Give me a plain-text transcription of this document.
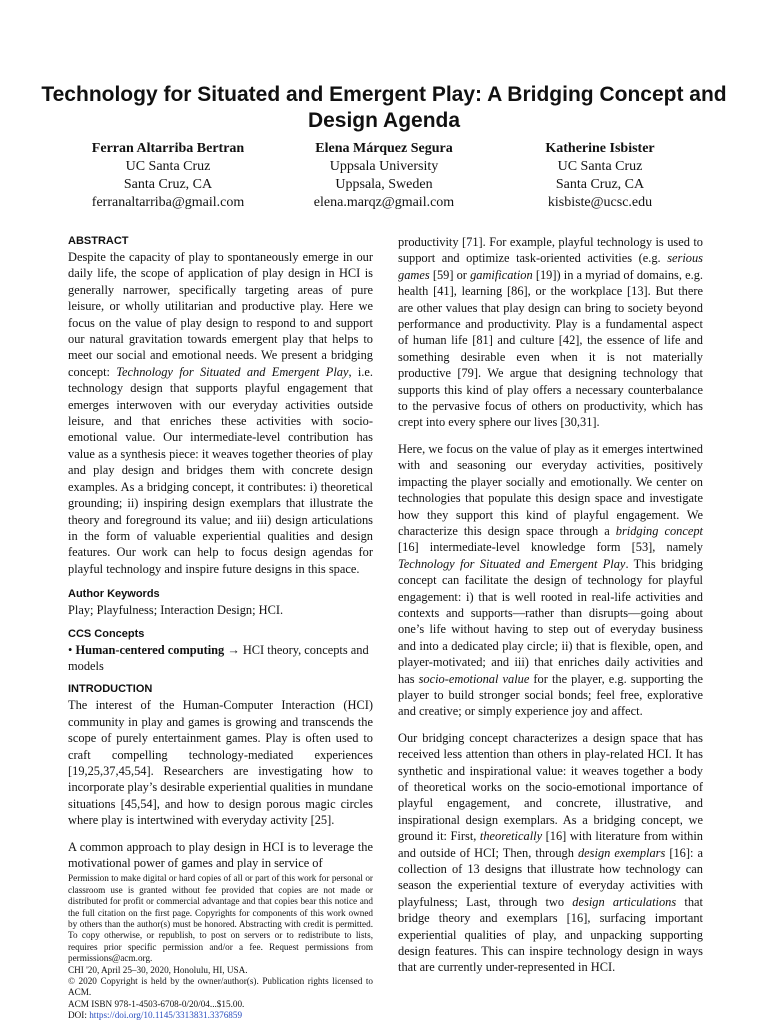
Technology for Situated and Emergent Play: A Bridging Concept and Design Agenda
Ferran Altarriba Bertran
UC Santa Cruz
Santa Cruz, CA
ferranaltarriba@gmail.com
Elena Márquez Segura
Uppsala University
Uppsala, Sweden
elena.marqz@gmail.com
Katherine Isbister
UC Santa Cruz
Santa Cruz, CA
kisbiste@ucsc.edu
ABSTRACT

Despite the capacity of play to spontaneously emerge in our daily life, the scope of application of play design in HCI is generally narrower, specifically targeting areas of pure leisure, or wholly utilitarian and productive play. Here we focus on the value of play design to respond to and support our natural gravitation towards emergent play that helps to meet our social and emotional needs. We present a bridging concept: Technology for Situated and Emergent Play, i.e. technology design that supports playful engagement that emerges interwoven with our everyday activities outside leisure, and that enriches these activities with socio-emotional value. Our intermediate-level contribution has value as a synthesis piece: it weaves together theories of play and play design and bridges them with concrete design examples. As a bridging concept, it contributes: i) theoretical grounding; ii) inspiring design exemplars that illustrate the theory and foreground its value; and iii) design articulations in the form of valuable experiential qualities and design features. Our work can help to focus design agendas for playful technology and inspire future designs in this space.

Author Keywords

Play; Playfulness; Interaction Design; HCI.

CCS Concepts

• Human-centered computing → HCI theory, concepts and models

INTRODUCTION

The interest of the Human-Computer Interaction (HCI) community in play and games is growing and transcends the scope of purely entertainment games. Play is often used to craft compelling technology-mediated experiences [19,25,37,45,54]. Researchers are investigating how to incorporate play’s desirable experiential qualities in mundane situations [45,54], and how to design porous magic circles where play is intertwined with everyday activity [25].

A common approach to play design in HCI is to leverage the motivational power of games and play in service of

Permission to make digital or hard copies of all or part of this work for personal or classroom use is granted without fee provided that copies are not made or distributed for profit or commercial advantage and that copies bear this notice and the full citation on the first page. Copyrights for components of this work owned by others than the author(s) must be honored. Abstracting with credit is permitted. To copy otherwise, or republish, to post on servers or to redistribute to lists, requires prior specific permission and/or a fee. Request permissions from permissions@acm.org.
CHI '20, April 25–30, 2020, Honolulu, HI, USA.
© 2020 Copyright is held by the owner/author(s). Publication rights licensed to ACM.
ACM ISBN 978-1-4503-6708-0/20/04...$15.00.
DOI: https://doi.org/10.1145/3313831.3376859

productivity [71]. For example, playful technology is used to support and optimize task-oriented activities (e.g. serious games [59] or gamification [19]) in a myriad of domains, e.g. health [41], learning [86], or the workplace [13]. But there are other values that play design can bring to society beyond performance and productivity. Play is a fundamental aspect of human life [81] and culture [42], the essence of life and something desirable even when it is not materially productive [79]. We argue that designing technology that supports this kind of play offers a necessary counterbalance to the pervasive focus of others on productivity, which has crept into every sphere our lives [30,31].

Here, we focus on the value of play as it emerges intertwined with and seasoning our everyday activities, positively impacting the player socially and emotionally. We center on technologies that populate this design space and investigate how they support this kind of playful engagement. We characterize this design space through a bridging concept [16] intermediate-level knowledge form [53], namely Technology for Situated and Emergent Play. This bridging concept can facilitate the design of technology for playful engagement: i) that is well rooted in real-life activities and contexts and supports—rather than disrupts—going about one’s life without having to step out of everyday business and into a dedicated play circle; ii) that is flexible, open, and player-motivated; and iii) that enriches daily activities and has socio-emotional value for the player, e.g. supporting the player to build stronger social bonds; feel free, explorative and creative; or simply experience joy and affect.

Our bridging concept characterizes a design space that has received less attention than others in play-related HCI. It has synthetic and inspirational value: it weaves together a body of theoretical works on the socio-emotional importance of playful engagement, and concrete, illustrative, and inspirational design exemplars. As a bridging concept, we ground it: First, theoretically [16] with literature from within and outside of HCI; Then, through design exemplars [16]: a collection of 13 designs that illustrate how technology can season the experiential texture of everyday activities with playfulness; Last, through two design articulations that bridge theory and exemplars [16], surfacing important experiential qualities of play, and unpacking supporting design features. This can inspire technology design in ways that are currently under-represented in HCI.
